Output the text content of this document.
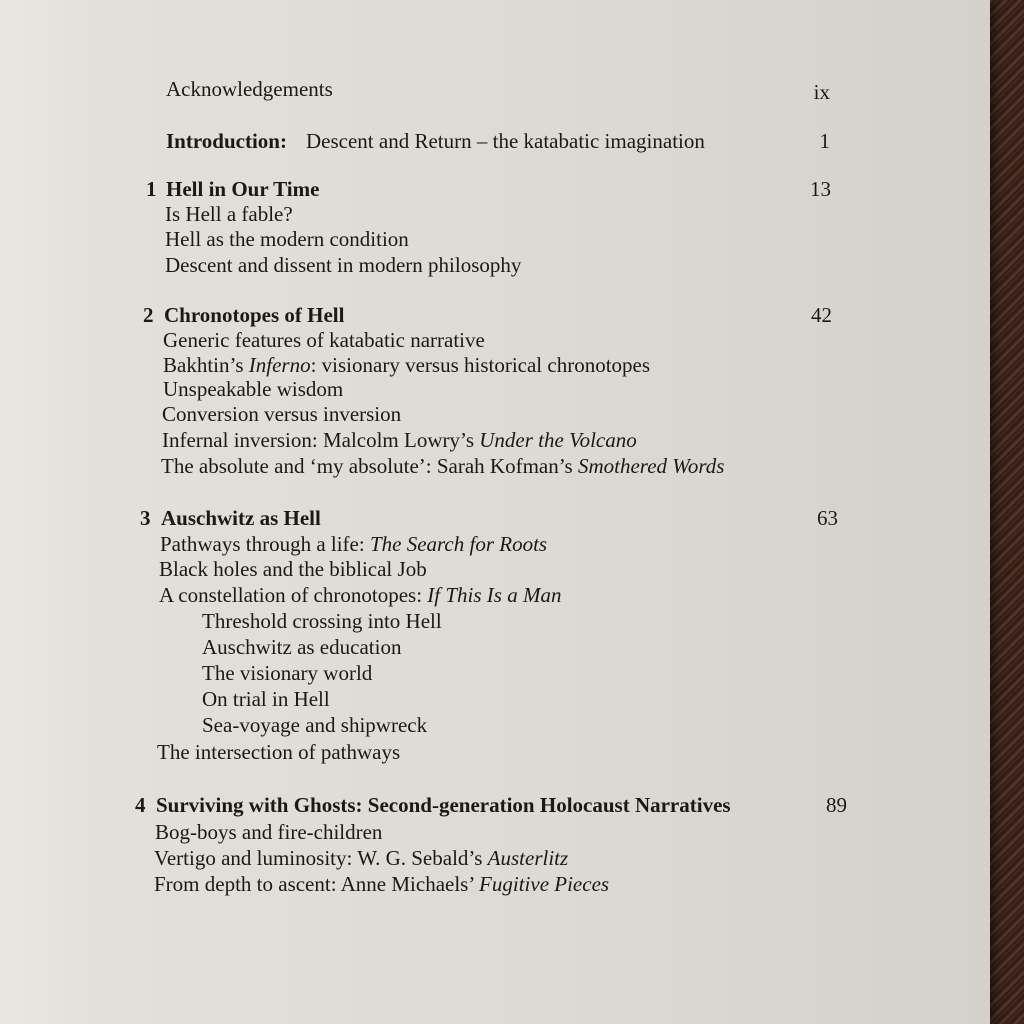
Acknowledgements	ix
Introduction: Descent and Return – the katabatic imagination	1
1 Hell in Our Time	13
Is Hell a fable?
Hell as the modern condition
Descent and dissent in modern philosophy
2 Chronotopes of Hell	42
Generic features of katabatic narrative
Bakhtin’s Inferno: visionary versus historical chronotopes
Unspeakable wisdom
Conversion versus inversion
Infernal inversion: Malcolm Lowry’s Under the Volcano
The absolute and ‘my absolute’: Sarah Kofman’s Smothered Words
3 Auschwitz as Hell	63
Pathways through a life: The Search for Roots
Black holes and the biblical Job
A constellation of chronotopes: If This Is a Man
Threshold crossing into Hell
Auschwitz as education
The visionary world
On trial in Hell
Sea-voyage and shipwreck
The intersection of pathways
4 Surviving with Ghosts: Second-generation Holocaust Narratives	89
Bog-boys and fire-children
Vertigo and luminosity: W. G. Sebald’s Austerlitz
From depth to ascent: Anne Michaels’ Fugitive Pieces
